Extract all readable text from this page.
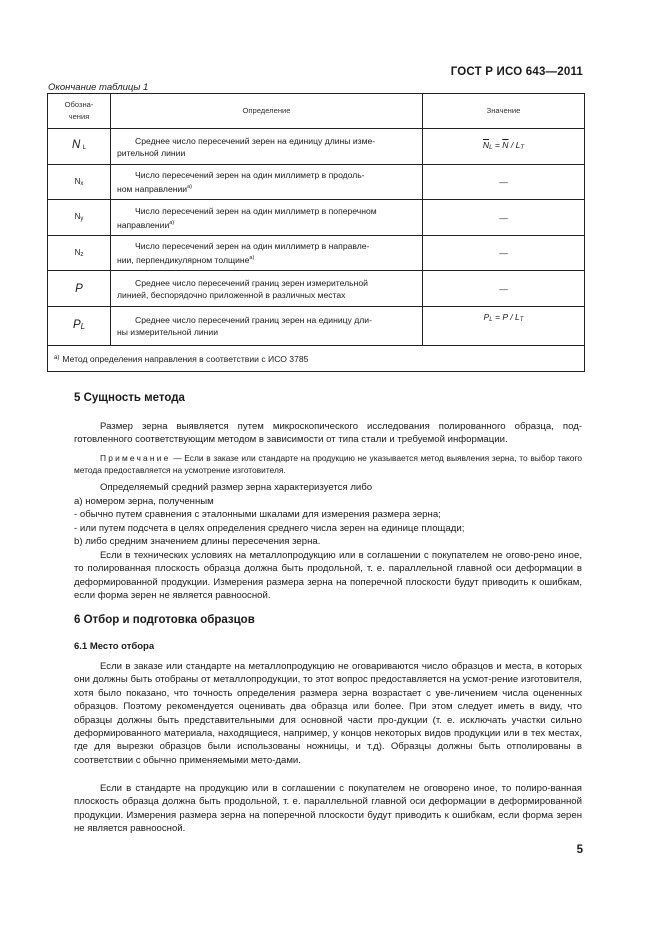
ГОСТ Р ИСО 643—2011
Окончание таблицы 1
Обозна-
чения	Определение	Значение
N L	Среднее число пересечений зерен на единицу длины изме-
рительной линии	$\overline{N}L = \overline{N}$ / LT
Nx	Число пересечений зерен на один миллиметр в продоль-
ном направлении$^{a)}$	—
Ny	Число пересечений зерен на один миллиметр в поперечном
направлении$^{a)}$	—
Nz	Число пересечений зерен на один миллиметр в направле-
нии, перпендикулярном толщине$^{a)}$	—
P	Среднее число пересечений границ зерен измерительной
линией, беспорядочно приложенной в различных местах	—
PL	Среднее число пересечений границ зерен на единицу дли-
ны измерительной линии	PL = P / LT
$^{a)}$ Метод определения направления в соответствии с ИСО 3785		
5 Сущность метода

Размер зерна выявляется путем микроскопического исследования полированного образца, под-готовленного соответствующим методом в зависимости от типа стали и требуемой информации.

Примечание — Если в заказе или стандарте на продукцию не указывается метод выявления зерна, то выбор такого метода предоставляется на усмотрение изготовителя.

Определяемый средний размер зерна характеризуется либо
а) номером зерна, полученным
- обычно путем сравнения с эталонными шкалами для измерения размера зерна;
- или путем подсчета в целях определения среднего числа зерен на единице площади;
b) либо средним значением длины пересечения зерна.

Если в технических условиях на металлопродукцию или в соглашении с покупателем не огово-рено иное, то полированная плоскость образца должна быть продольной, т. е. параллельной главной оси деформации в деформированной продукции. Измерения размера зерна на поперечной плоскости будут приводить к ошибкам, если форма зерен не является равноосной.

6 Отбор и подготовка образцов
6.1 Место отбора

Если в заказе или стандарте на металлопродукцию не оговариваются число образцов и места, в которых они должны быть отобраны от металлопродукции, то этот вопрос предоставляется на усмот-рение изготовителя, хотя было показано, что точность определения размера зерна возрастает с уве-личением числа оцененных образцов. Поэтому рекомендуется оценивать два образца или более. При этом следует иметь в виду, что образцы должны быть представительными для основной части про-дукции (т. е. исключать участки сильно деформированного материала, находящиеся, например, у концов некоторых видов продукции или в тех местах, где для вырезки образцов были использованы ножницы, и т.д). Образцы должны быть отполированы в соответствии с обычно применяемыми мето-дами.

Если в стандарте на продукцию или в соглашении с покупателем не оговорено иное, то полиро-ванная плоскость образца должна быть продольной, т. е. параллельной главной оси деформации в деформированной продукции. Измерения размера зерна на поперечной плоскости будут приводить к ошибкам, если форма зерен не является равноосной.

5
